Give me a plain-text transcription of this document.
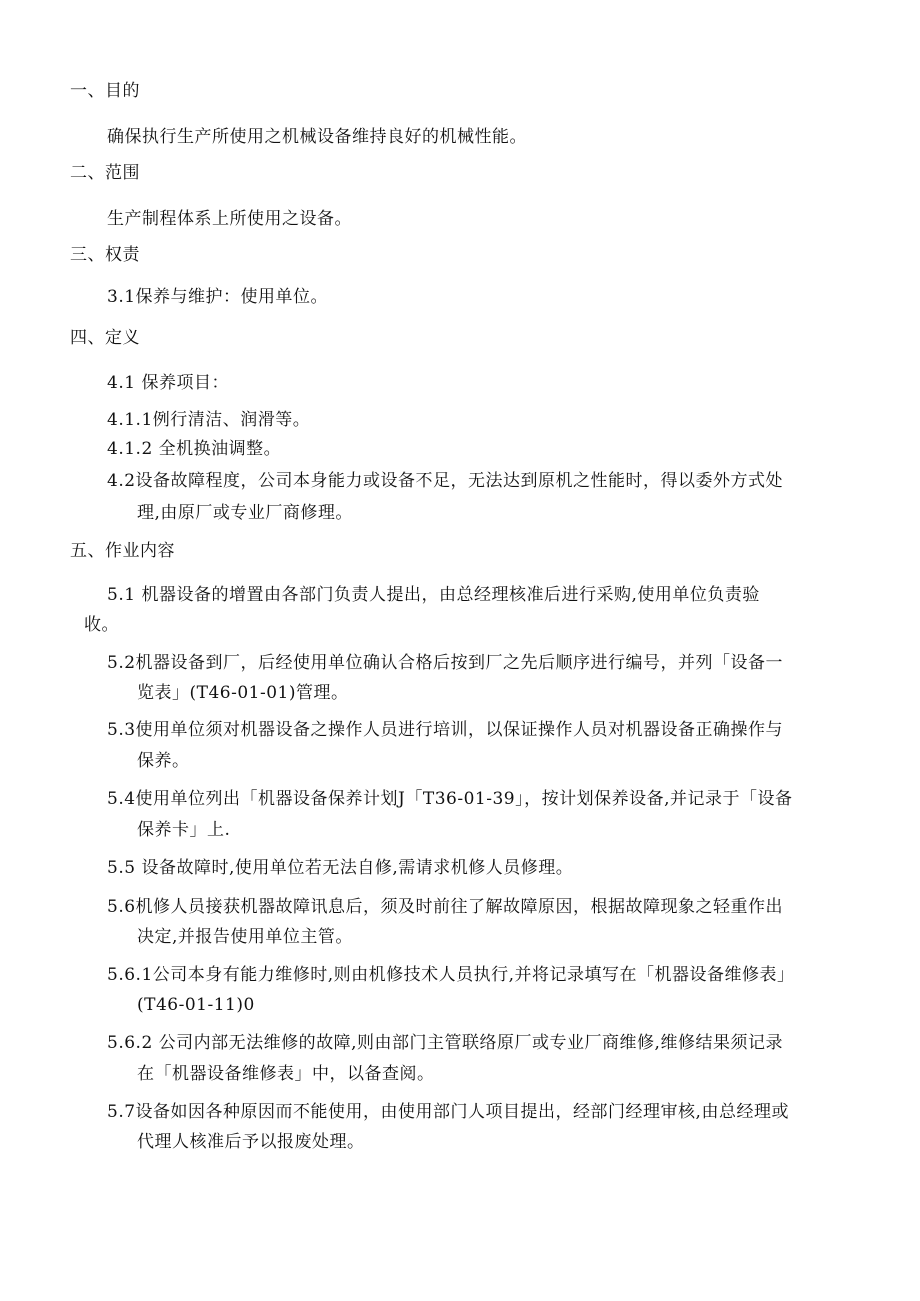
一、目的
确保执行生产所使用之机械设备维持良好的机械性能。
二、范围
生产制程体系上所使用之设备。
三、权责
3.1保养与维护：使用单位。
四、定义
4.1 保养项目：
4.1.1例行清洁、润滑等。
4.1.2 全机换油调整。
4.2设备故障程度，公司本身能力或设备不足，无法达到原机之性能时，得以委外方式处
理,由原厂或专业厂商修理。
五、作业内容
5.1 机器设备的增置由各部门负责人提出，由总经理核准后进行采购,使用单位负责验
收。
5.2机器设备到厂，后经使用单位确认合格后按到厂之先后顺序进行编号，并列「设备一
览表」(T46-01-01)管理。
5.3使用单位须对机器设备之操作人员进行培训，以保证操作人员对机器设备正确操作与
保养。
5.4使用单位列出「机器设备保养计划J「T36-01-39」，按计划保养设备,并记录于「设备
保养卡」上.
5.5 设备故障时,使用单位若无法自修,需请求机修人员修理。
5.6机修人员接获机器故障讯息后，须及时前往了解故障原因，根据故障现象之轻重作出
决定,并报告使用单位主管。
5.6.1公司本身有能力维修时,则由机修技术人员执行,并将记录填写在「机器设备维修表」
(T46-01-11)0
5.6.2 公司内部无法维修的故障,则由部门主管联络原厂或专业厂商维修,维修结果须记录
在「机器设备维修表」中，以备查阅。
5.7设备如因各种原因而不能使用，由使用部门人项目提出，经部门经理审核,由总经理或
代理人核准后予以报废处理。
